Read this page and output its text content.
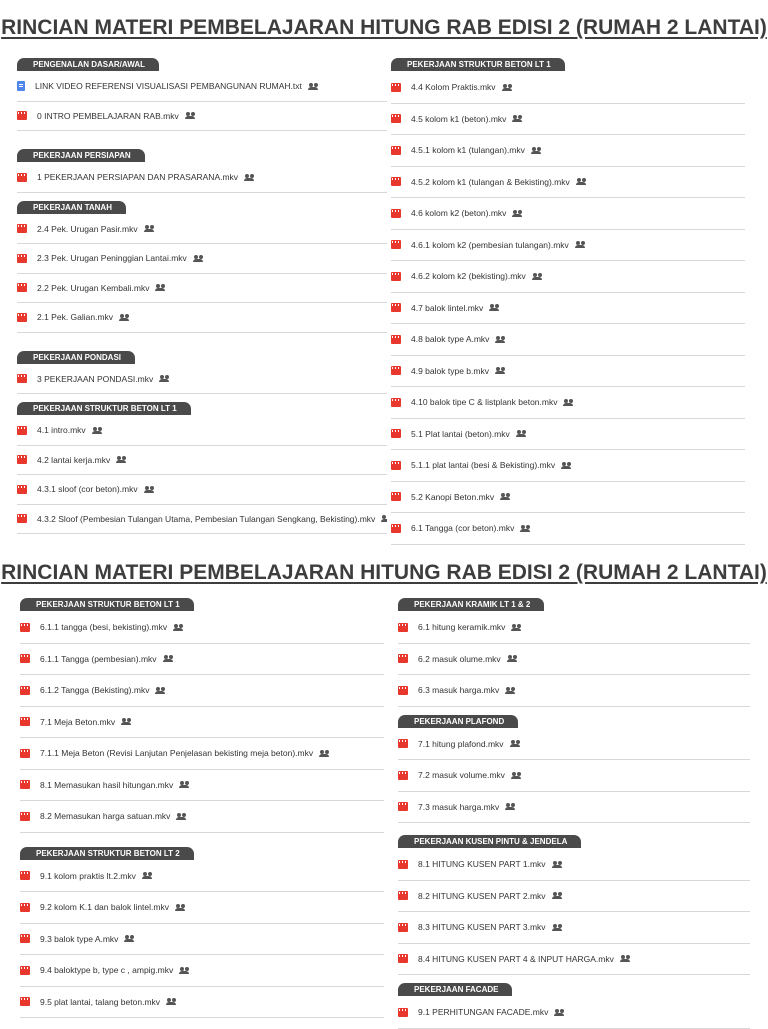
RINCIAN MATERI PEMBELAJARAN HITUNG RAB EDISI 2 (RUMAH 2 LANTAI)
PENGENALAN DASAR/AWAL
LINK VIDEO REFERENSI VISUALISASI PEMBANGUNAN RUMAH.txt
0 INTRO PEMBELAJARAN RAB.mkv
PEKERJAAN PERSIAPAN
1 PEKERJAAN PERSIAPAN DAN PRASARANA.mkv
PEKERJAAN TANAH
2.4 Pek. Urugan Pasir.mkv
2.3 Pek. Urugan Peninggian Lantai.mkv
2.2 Pek. Urugan Kembali.mkv
2.1 Pek. Galian.mkv
PEKERJAAN PONDASI
3 PEKERJAAN PONDASI.mkv
PEKERJAAN STRUKTUR BETON LT 1
4.1 intro.mkv
4.2 lantai kerja.mkv
4.3.1 sloof (cor beton).mkv
4.3.2 Sloof (Pembesian Tulangan Utama, Pembesian Tulangan Sengkang, Bekisting).mkv
PEKERJAAN STRUKTUR BETON LT 1
4.4 Kolom Praktis.mkv
4.5 kolom k1 (beton).mkv
4.5.1 kolom k1 (tulangan).mkv
4.5.2 kolom k1 (tulangan & Bekisting).mkv
4.6 kolom k2 (beton).mkv
4.6.1 kolom k2 (pembesian tulangan).mkv
4.6.2 kolom k2 (bekisting).mkv
4.7 balok lintel.mkv
4.8 balok type A.mkv
4.9 balok type b.mkv
4.10 balok tipe C & listplank beton.mkv
5.1 Plat lantai (beton).mkv
5.1.1 plat lantai (besi & Bekisting).mkv
5.2 Kanopi Beton.mkv
6.1 Tangga (cor beton).mkv
RINCIAN MATERI PEMBELAJARAN HITUNG RAB EDISI 2 (RUMAH 2 LANTAI)
PEKERJAAN STRUKTUR BETON LT 1
6.1.1 tangga (besi, bekisting).mkv
6.1.1 Tangga (pembesian).mkv
6.1.2 Tangga (Bekisting).mkv
7.1 Meja Beton.mkv
7.1.1 Meja Beton (Revisi Lanjutan Penjelasan bekisting meja beton).mkv
8.1 Memasukan hasil hitungan.mkv
8.2 Memasukan harga satuan.mkv
PEKERJAAN STRUKTUR BETON LT 2
9.1 kolom praktis lt.2.mkv
9.2 kolom K.1 dan balok lintel.mkv
9.3 balok type A.mkv
9.4 baloktype b, type c , ampig.mkv
9.5 plat lantai, talang beton.mkv
PEKERJAAN KRAMIK LT 1 & 2
6.1 hitung keramik.mkv
6.2 masuk olume.mkv
6.3 masuk harga.mkv
PEKERJAAN PLAFOND
7.1 hitung plafond.mkv
7.2 masuk volume.mkv
7.3 masuk harga.mkv
PEKERJAAN KUSEN PINTU & JENDELA
8.1 HITUNG KUSEN PART 1.mkv
8.2 HITUNG KUSEN PART 2.mkv
8.3 HITUNG KUSEN PART 3.mkv
8.4 HITUNG KUSEN PART 4 & INPUT HARGA.mkv
PEKERJAAN FACADE
9.1 PERHITUNGAN FACADE.mkv
